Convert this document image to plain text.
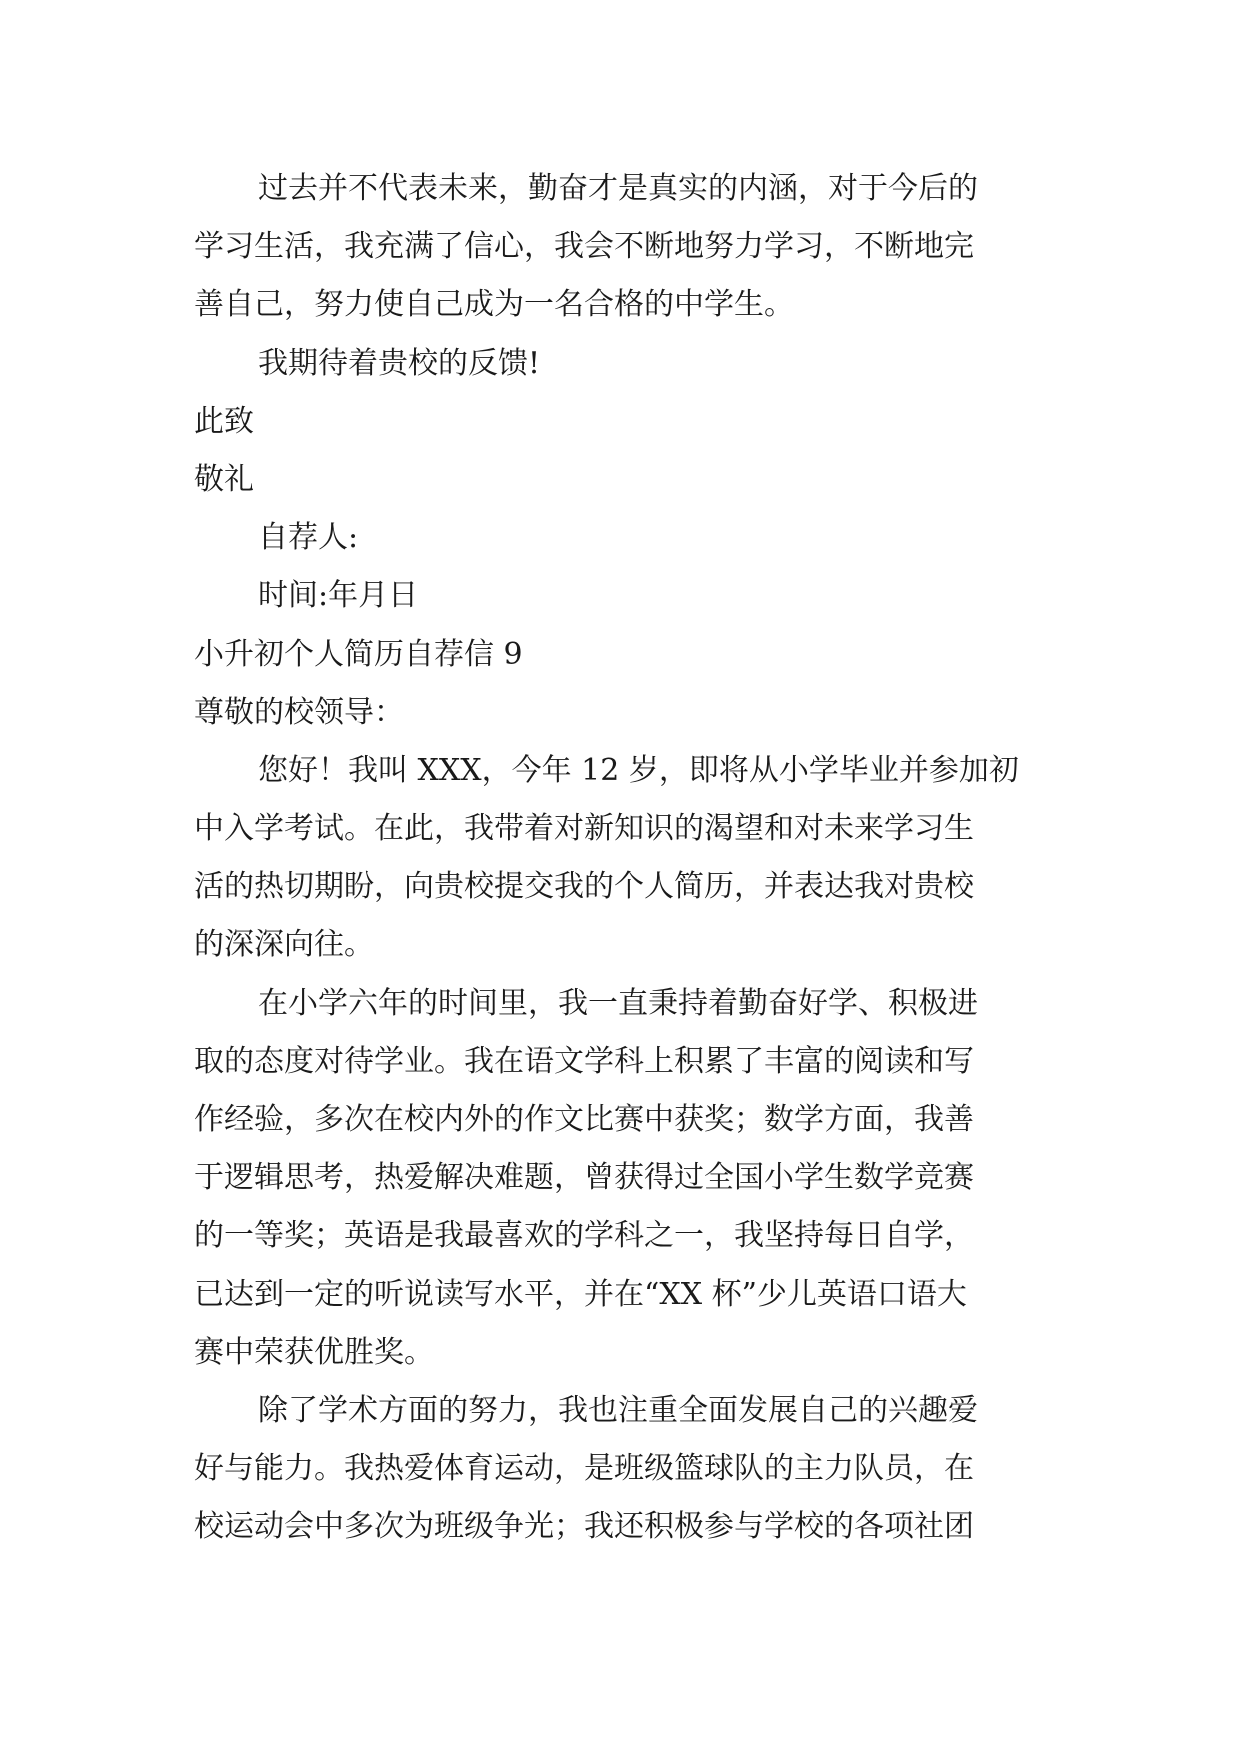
过去并不代表未来，勤奋才是真实的内涵，对于今后的
学习生活，我充满了信心，我会不断地努力学习，不断地完
善自己，努力使自己成为一名合格的中学生。
我期待着贵校的反馈!
此致
敬礼
自荐人:
时间:年月日
小升初个人简历自荐信 9
尊敬的校领导：
您好！我叫 XXX，今年 12 岁，即将从小学毕业并参加初
中入学考试。在此，我带着对新知识的渴望和对未来学习生
活的热切期盼，向贵校提交我的个人简历，并表达我对贵校
的深深向往。
在小学六年的时间里，我一直秉持着勤奋好学、积极进
取的态度对待学业。我在语文学科上积累了丰富的阅读和写
作经验，多次在校内外的作文比赛中获奖；数学方面，我善
于逻辑思考，热爱解决难题，曾获得过全国小学生数学竞赛
的一等奖；英语是我最喜欢的学科之一，我坚持每日自学，
已达到一定的听说读写水平，并在“XX 杯”少儿英语口语大
赛中荣获优胜奖。
除了学术方面的努力，我也注重全面发展自己的兴趣爱
好与能力。我热爱体育运动，是班级篮球队的主力队员，在
校运动会中多次为班级争光；我还积极参与学校的各项社团
